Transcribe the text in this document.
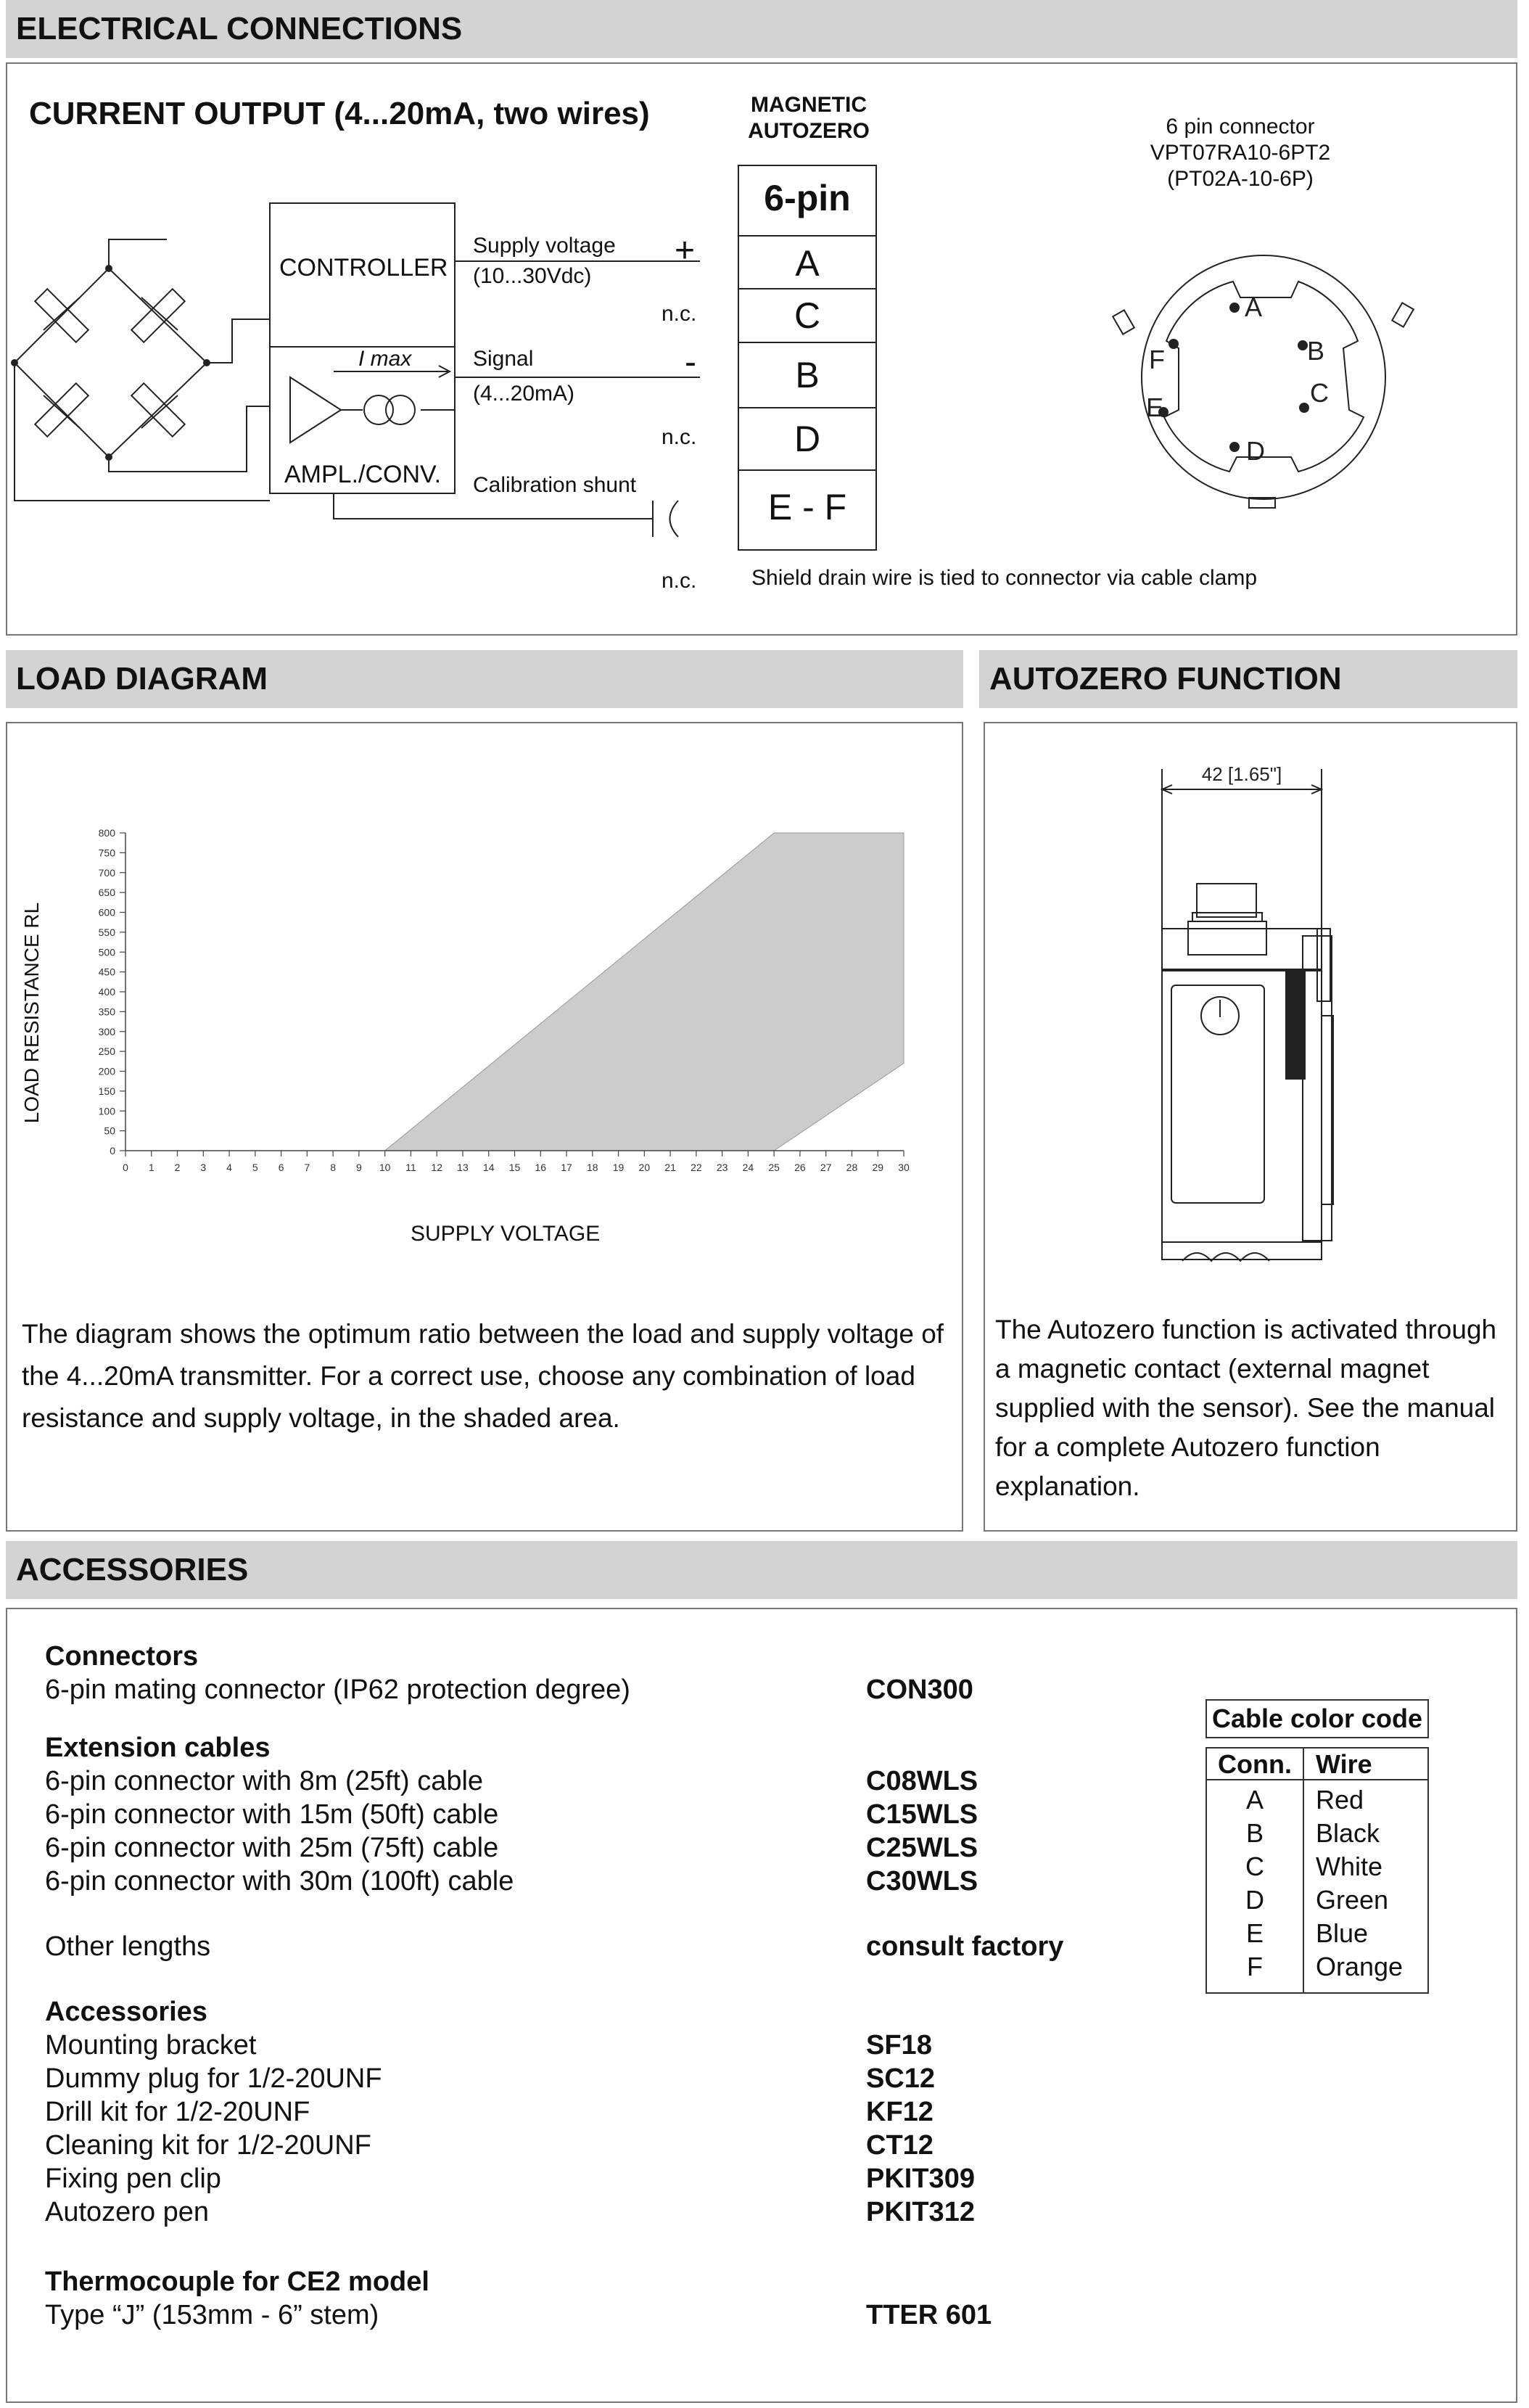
ELECTRICAL CONNECTIONS
CURRENT OUTPUT (4...20mA, two wires)
A
B
C
D
E
F
CONTROLLER
I max
AMPL./CONV.
Supply voltage
(10...30Vdc)
Signal
(4...20mA)
Calibration shunt
+
-
n.c.
n.c.
n.c.
MAGNETIC
AUTOZERO
6-pin
A
C
B
D
E - F
6 pin connector
VPT07RA10-6PT2
(PT02A-10-6P)
Shield drain wire is tied to connector via cable clamp
LOAD DIAGRAM
0
50
100
150
200
250
300
350
400
450
500
550
600
650
700
750
800
0 1 2 3 4 5 6 7 8 9 10 11 12 13 14 15 16 17 18 19 20 21 22 23 24 25 26 27 28 29 30
LOAD RESISTANCE RL
SUPPLY VOLTAGE
The diagram shows the optimum ratio between the load and supply voltage of the 4...20mA transmitter. For a correct use, choose any combination of load resistance and supply voltage, in the shaded area.
AUTOZERO FUNCTION
42 [1.65"]
The Autozero function is activated through a magnetic contact (external magnet supplied with the sensor). See the manual for a complete Autozero function explanation.
ACCESSORIES
Connectors
6-pin mating connector (IP62 protection degree)	CON300
Extension cables
6-pin connector with 8m (25ft) cable	C08WLS
6-pin connector with 15m (50ft) cable	C15WLS
6-pin connector with 25m (75ft) cable	C25WLS
6-pin connector with 30m (100ft) cable	C30WLS
Other lengths	consult factory
Accessories
Mounting bracket	SF18
Dummy plug for 1/2-20UNF	SC12
Drill kit for 1/2-20UNF	KF12
Cleaning kit for 1/2-20UNF	CT12
Fixing pen clip	PKIT309
Autozero pen	PKIT312
Thermocouple for CE2 model
Type “J” (153mm - 6” stem)	TTER 601
Cable color code
Conn. Wire
A	Red
B	Black
C	White
D	Green
E	Blue
F	Orange
